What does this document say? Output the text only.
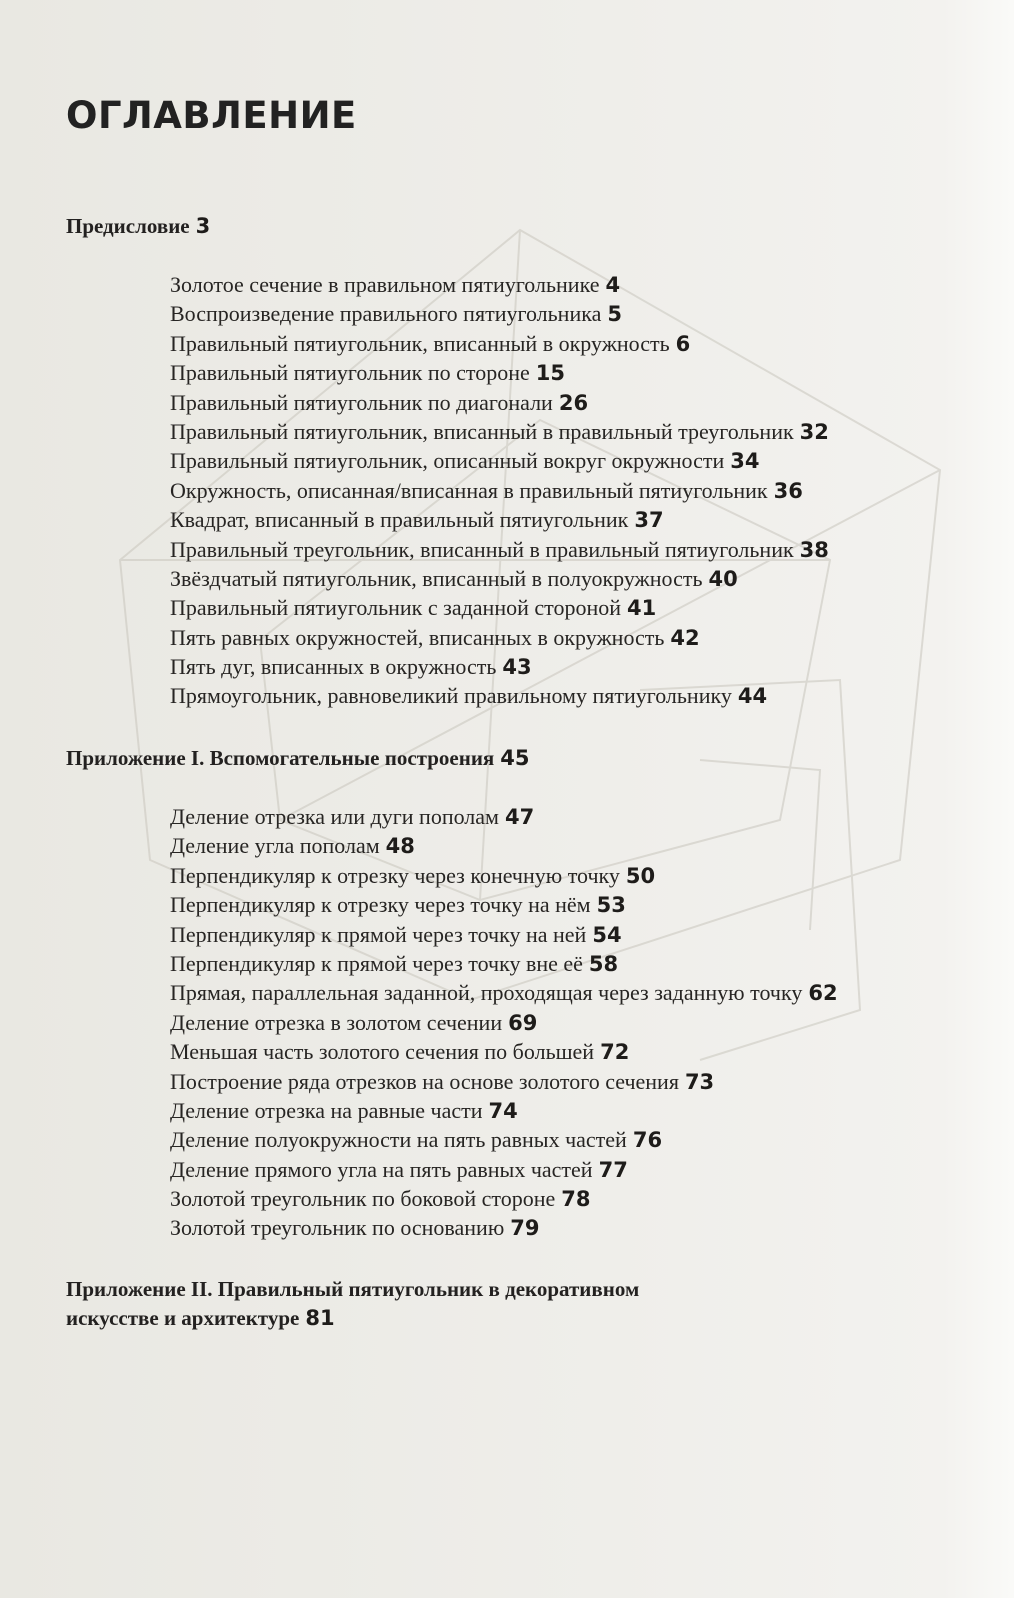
ОГЛАВЛЕНИЕ
Предисловие 3
Золотое сечение в правильном пятиугольнике 4
Воспроизведение правильного пятиугольника 5
Правильный пятиугольник, вписанный в окружность 6
Правильный пятиугольник по стороне 15
Правильный пятиугольник по диагонали 26
Правильный пятиугольник, вписанный в правильный треугольник 32
Правильный пятиугольник, описанный вокруг окружности 34
Окружность, описанная/вписанная в правильный пятиугольник 36
Квадрат, вписанный в правильный пятиугольник 37
Правильный треугольник, вписанный в правильный пятиугольник 38
Звёздчатый пятиугольник, вписанный в полуокружность 40
Правильный пятиугольник с заданной стороной 41
Пять равных окружностей, вписанных в окружность 42
Пять дуг, вписанных в окружность 43
Прямоугольник, равновеликий правильному пятиугольнику 44
Приложение I. Вспомогательные построения 45
Деление отрезка или дуги пополам 47
Деление угла пополам 48
Перпендикуляр к отрезку через конечную точку 50
Перпендикуляр к отрезку через точку на нём 53
Перпендикуляр к прямой через точку на ней 54
Перпендикуляр к прямой через точку вне её 58
Прямая, параллельная заданной, проходящая через заданную точку 62
Деление отрезка в золотом сечении 69
Меньшая часть золотого сечения по большей 72
Построение ряда отрезков на основе золотого сечения 73
Деление отрезка на равные части 74
Деление полуокружности на пять равных частей 76
Деление прямого угла на пять равных частей 77
Золотой треугольник по боковой стороне 78
Золотой треугольник по основанию 79
Приложение II. Правильный пятиугольник в декоративном
искусстве и архитектуре 81
